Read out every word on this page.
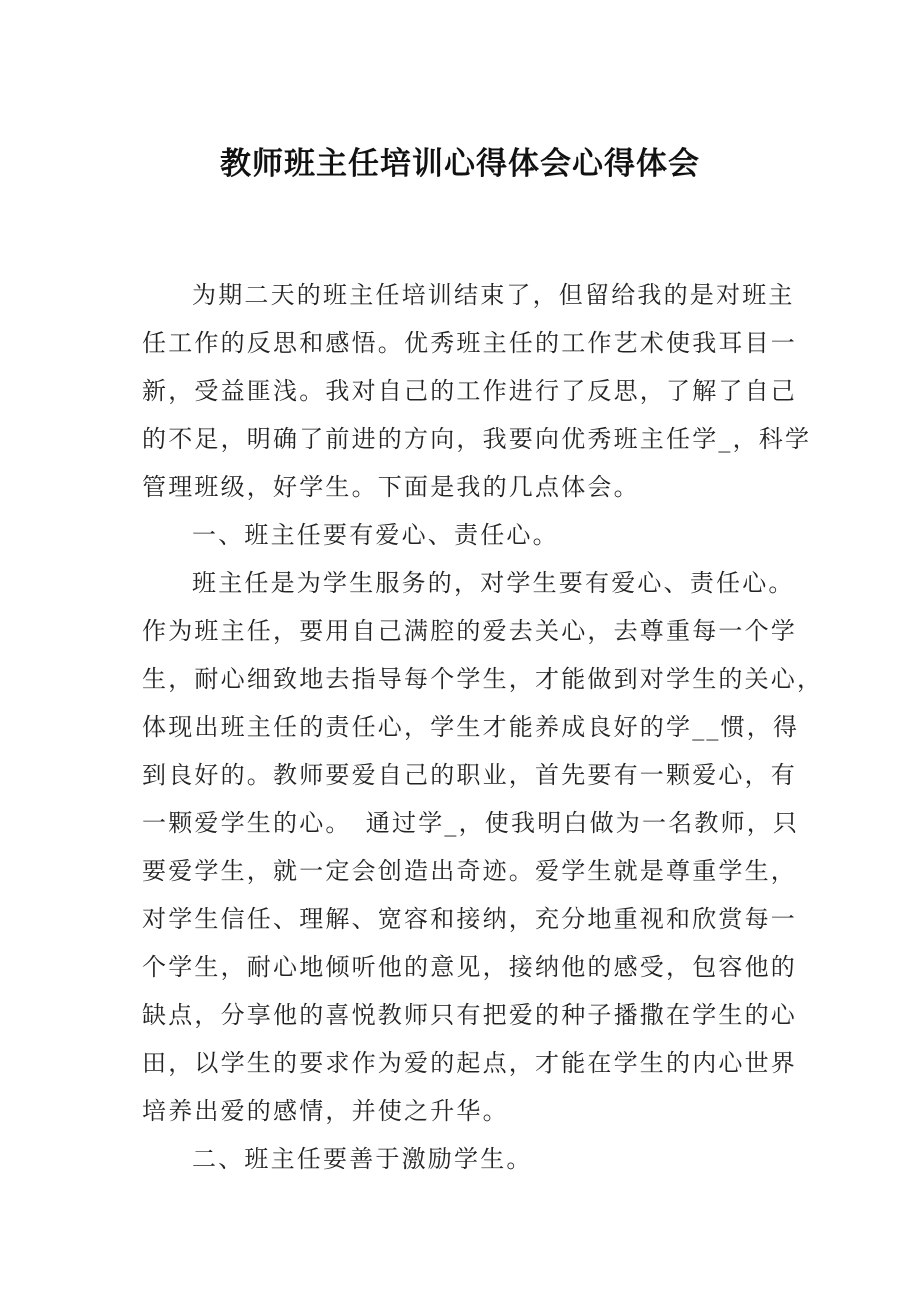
教师班主任培训心得体会心得体会
为期二天的班主任培训结束了，但留给我的是对班主
任工作的反思和感悟。优秀班主任的工作艺术使我耳目一
新，受益匪浅。我对自己的工作进行了反思，了解了自己
的不足，明确了前进的方向，我要向优秀班主任学_，科学
管理班级，好学生。下面是我的几点体会。
一、班主任要有爱心、责任心。
班主任是为学生服务的，对学生要有爱心、责任心。
作为班主任，要用自己满腔的爱去关心，去尊重每一个学
生，耐心细致地去指导每个学生，才能做到对学生的关心，
体现出班主任的责任心，学生才能养成良好的学__惯，得
到良好的。教师要爱自己的职业，首先要有一颗爱心，有
一颗爱学生的心。　通过学_，使我明白做为一名教师，只
要爱学生，就一定会创造出奇迹。爱学生就是尊重学生，
对学生信任、理解、宽容和接纳，充分地重视和欣赏每一
个学生，耐心地倾听他的意见，接纳他的感受，包容他的
缺点，分享他的喜悦教师只有把爱的种子播撒在学生的心
田，以学生的要求作为爱的起点，才能在学生的内心世界
培养出爱的感情，并使之升华。
二、班主任要善于激励学生。
